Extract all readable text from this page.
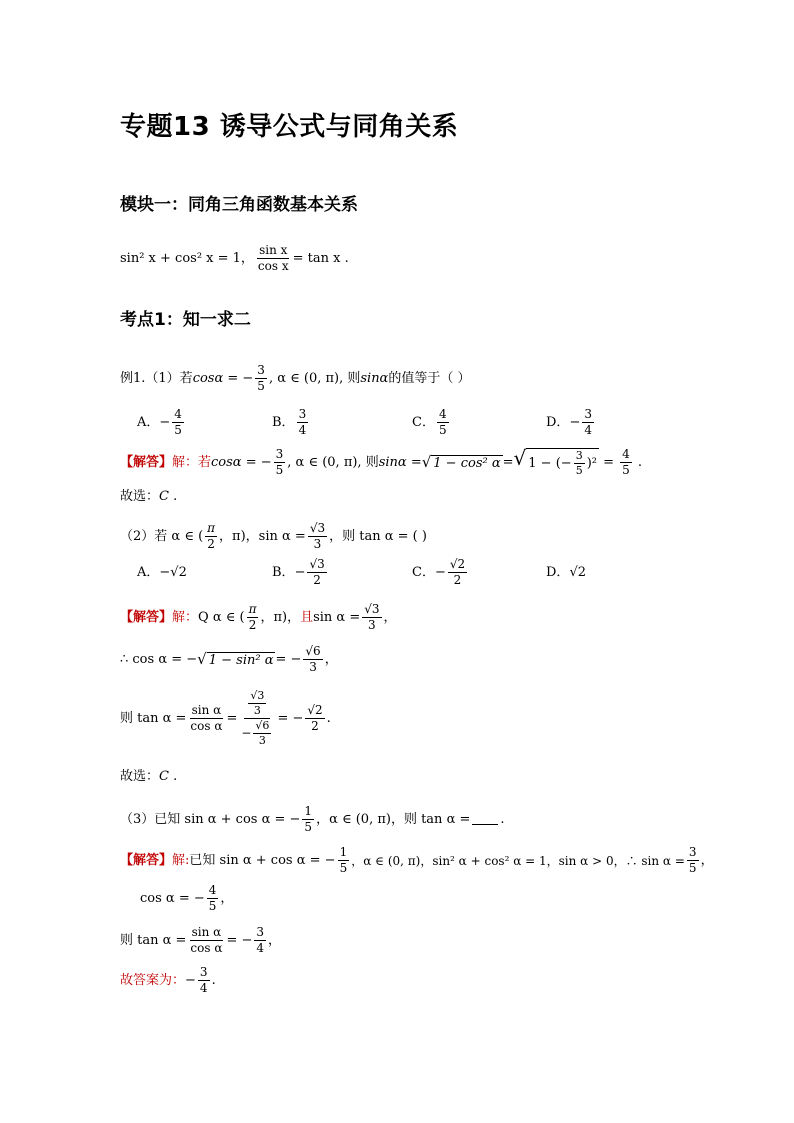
专题13 诱导公式与同角关系
模块一：同角三角函数基本关系
sin² x + cos² x = 1， $\frac{\text{sin x}}{\text{cos x}} = \tan x$ .
考点1：知一求二
例1.（1）若 cosα = − $\frac{3}{5}$ , α ∈ (0, π), 则 sinα 的值等于（ ）
A． − $\frac{4}{5}$	B． $\frac{3}{4}$	C． $\frac{4}{5}$	D． − $\frac{3}{4}$
【解答】 解：若 cosα = − $\frac{3}{5}$ , α ∈ (0, π), 则 sinα = √ 1 − cos² α = √ 1 − (− $\frac{3}{5} )^2 = \frac{4}{5}$ .
故选： C .
（2）若 α ∈ ( $\frac{\pi}{2}$ ，π)，$\sin \alpha = \frac{√3}{3}$ ，则 tan α = ( )
A． −√2	B． − $\frac{√3}{2}$	C． − $\frac{√2}{2}$	D． √2
【解答】 解： Q α ∈ ( $\frac{\pi}{2}$ ，π)， 且 $\sin \alpha = \frac{√3}{3}$ ，
∴ cos α = − √ 1 − sin² α = − $\frac{√6}{3}$ ，
则 $\tan \alpha = \frac{\text{sin α}}{\text{cos α}} = \frac{\frac{√3}{3}}{- \frac{√6}{3}}$ = − $\frac{√2}{2}$ .
故选： C .
（3）已知 sin α + cos α = − $\frac{1}{5}$ ，α ∈ (0, π)，则 tan α = .
【解答】 解: 已知 sin α + cos α = − $\frac{1}{5}$ ，α ∈ (0, π)，sin² α + cos² α = 1，sin α > 0，∴ $\sin \alpha = \frac{3}{5}$ ，
cos α = − $\frac{4}{5}$ ，
则 $\tan \alpha = \frac{\text{sin α}}{\text{cos α}}$ = − $\frac{3}{4}$ ，
故答案为： − $\frac{3}{4}$ .
